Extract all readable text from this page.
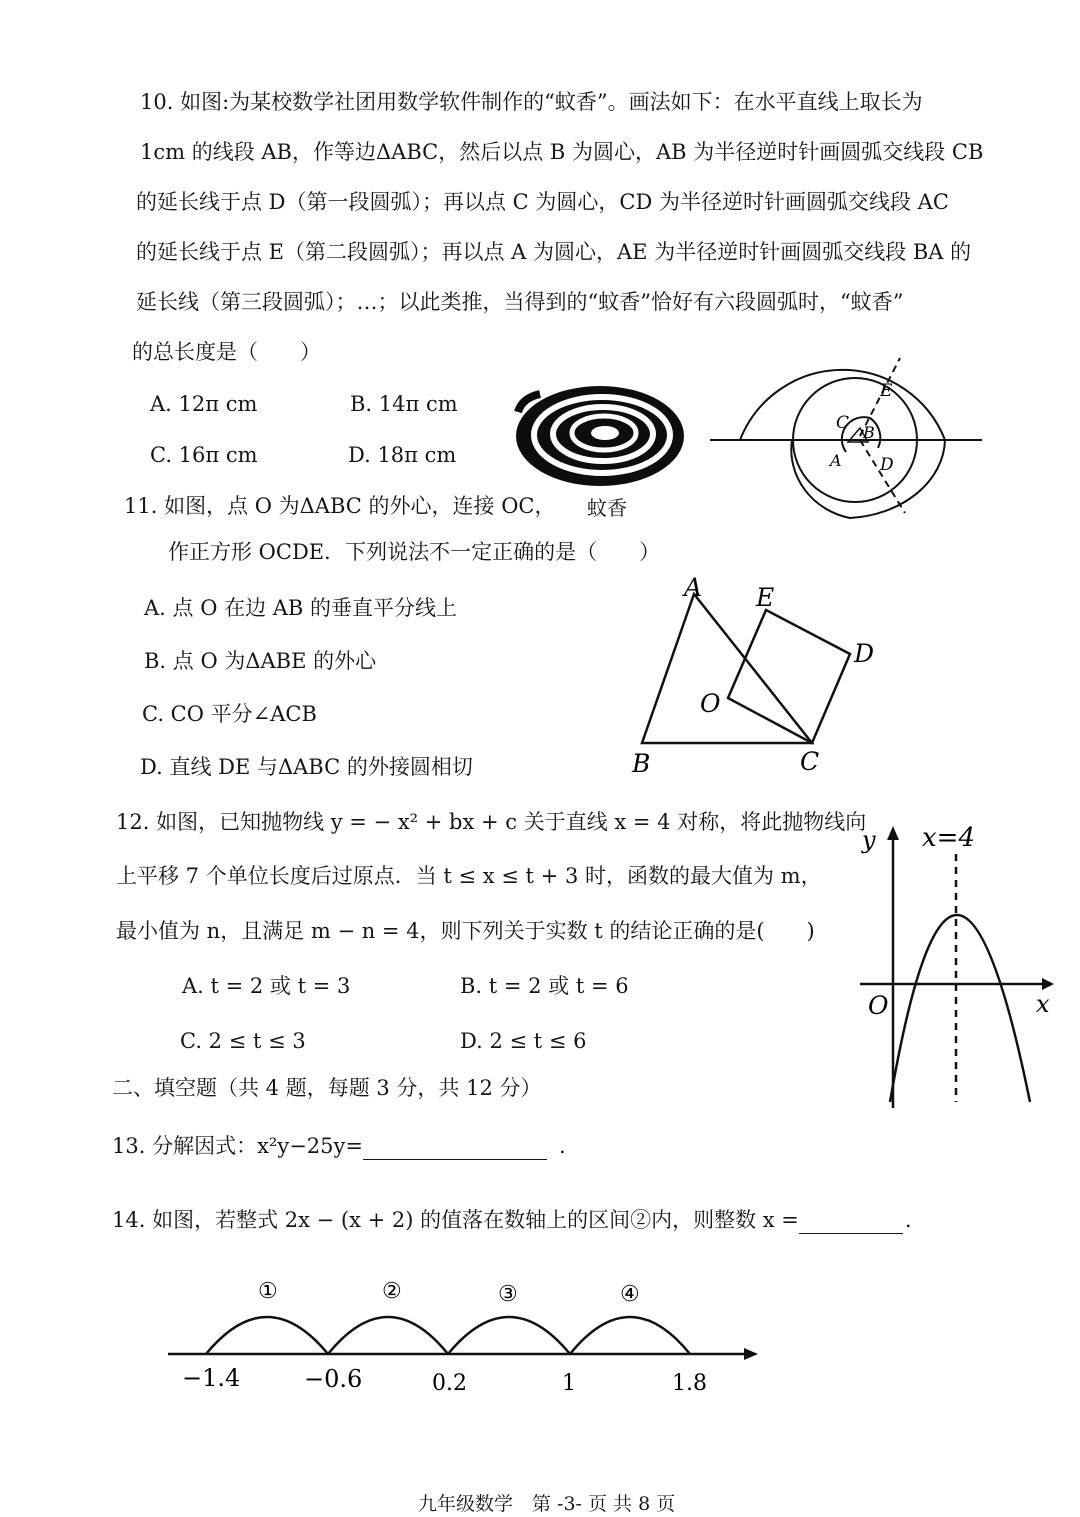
10. 如图:为某校数学社团用数学软件制作的“蚊香”。画法如下：在水平直线上取长为
1cm 的线段 AB，作等边ΔABC，然后以点 B 为圆心，AB 为半径逆时针画圆弧交线段 CB
的延长线于点 D（第一段圆弧）；再以点 C 为圆心，CD 为半径逆时针画圆弧交线段 AC
的延长线于点 E（第二段圆弧）；再以点 A 为圆心，AE 为半径逆时针画圆弧交线段 BA 的
延长线（第三段圆弧）；…；以此类推，当得到的“蚊香”恰好有六段圆弧时，“蚊香”
的总长度是（　　）
A. 12π cm	B. 14π cm
C. 16π cm	D. 18π cm
蚊香
C B
A D
E
11. 如图，点 O 为ΔABC 的外心，连接 OC，
作正方形 OCDE．下列说法不一定正确的是（　　）
A. 点 O 在边 AB 的垂直平分线上
B. 点 O 为ΔABE 的外心
C. CO 平分∠ACB
D. 直线 DE 与ΔABC 的外接圆相切
A E
D
O
B	C
12. 如图，已知抛物线 y = − x² + bx + c 关于直线 x = 4 对称，将此抛物线向
上平移 7 个单位长度后过原点．当 t ≤ x ≤ t + 3 时，函数的最大值为 m，
最小值为 n，且满足 m − n = 4，则下列关于实数 t 的结论正确的是(　　)
A. t = 2 或 t = 3	B. t = 2 或 t = 6
C. 2 ≤ t ≤ 3	D. 2 ≤ t ≤ 6
y x=4
O	x
二、填空题（共 4 题，每题 3 分，共 12 分）
13. 分解因式：x²y−25y=	.
14. 如图，若整式 2x − (x + 2) 的值落在数轴上的区间②内，则整数 x =	.
①	②	③	④
−1.4	−0.6	0.2	1	1.8
九年级数学　第 -3- 页 共 8 页
